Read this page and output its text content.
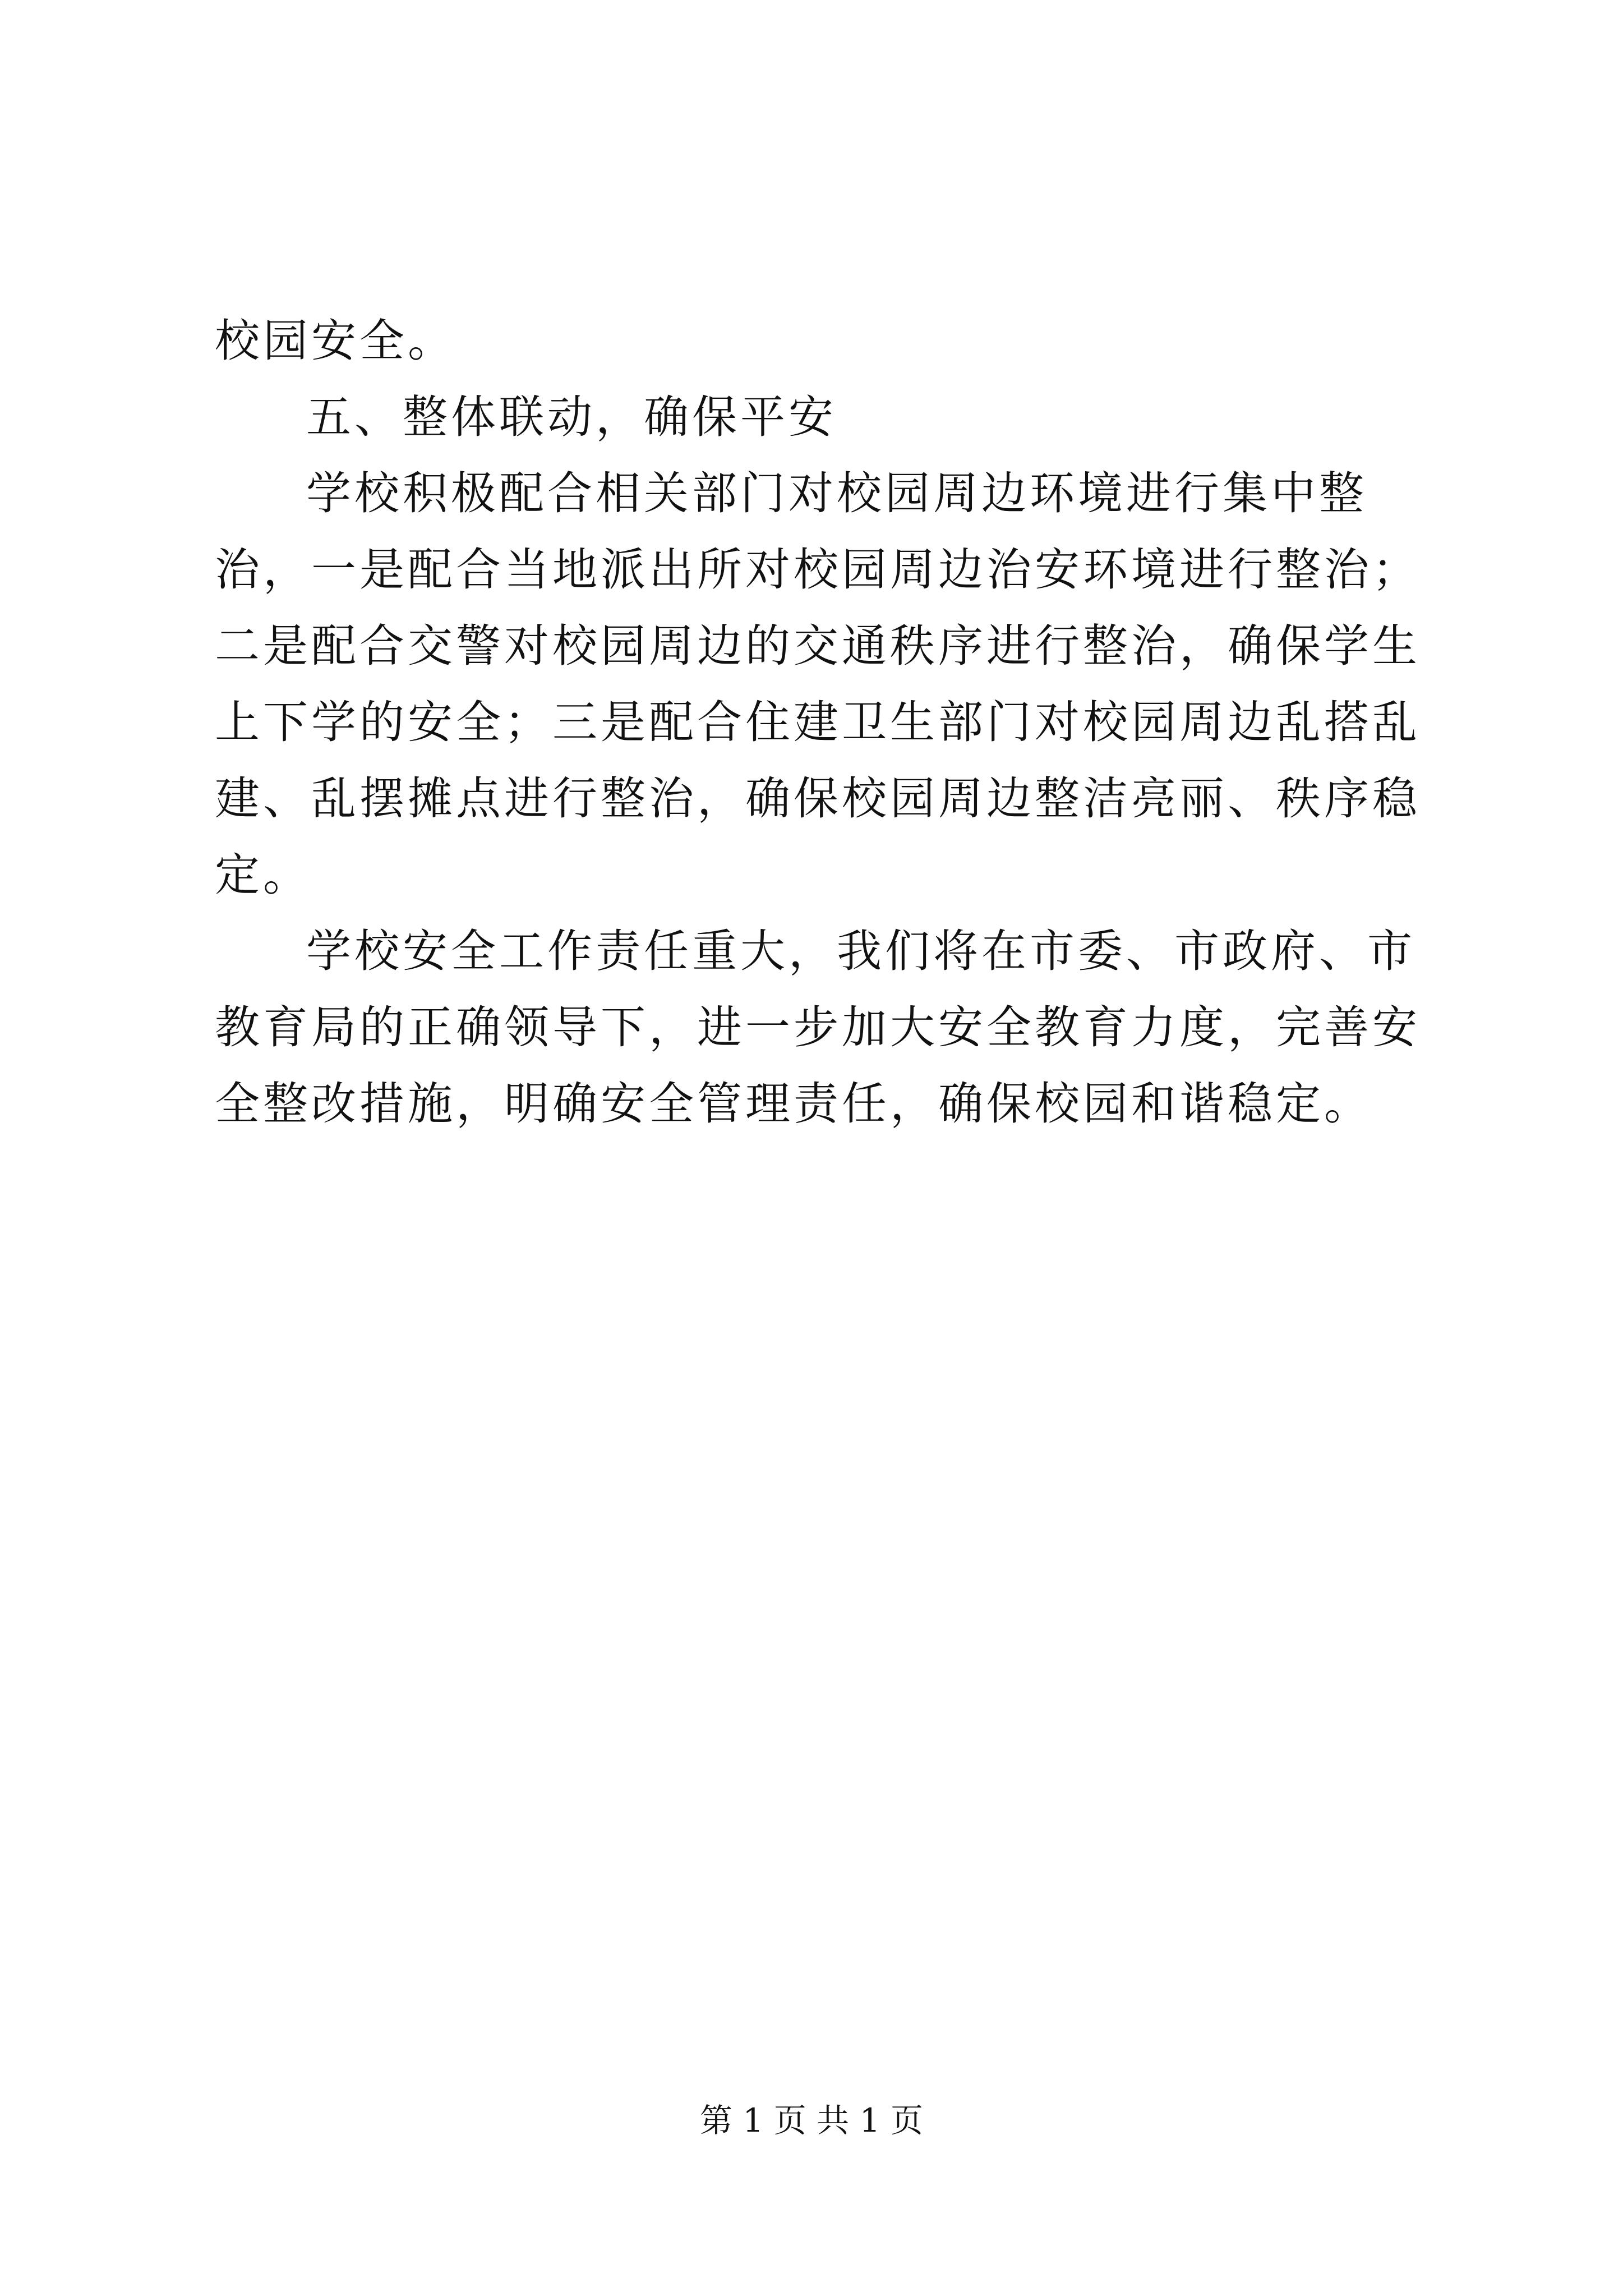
校园安全。

五、整体联动，确保平安

学校积极配合相关部门对校园周边环境进行集中整治，一是配合当地派出所对校园周边治安环境进行整治；二是配合交警对校园周边的交通秩序进行整治，确保学生上下学的安全；三是配合住建卫生部门对校园周边乱搭乱建、乱摆摊点进行整治，确保校园周边整洁亮丽、秩序稳定。

学校安全工作责任重大，我们将在市委、市政府、市教育局的正确领导下，进一步加大安全教育力度，完善安全整改措施，明确安全管理责任，确保校园和谐稳定。

第 1 页 共 1 页
